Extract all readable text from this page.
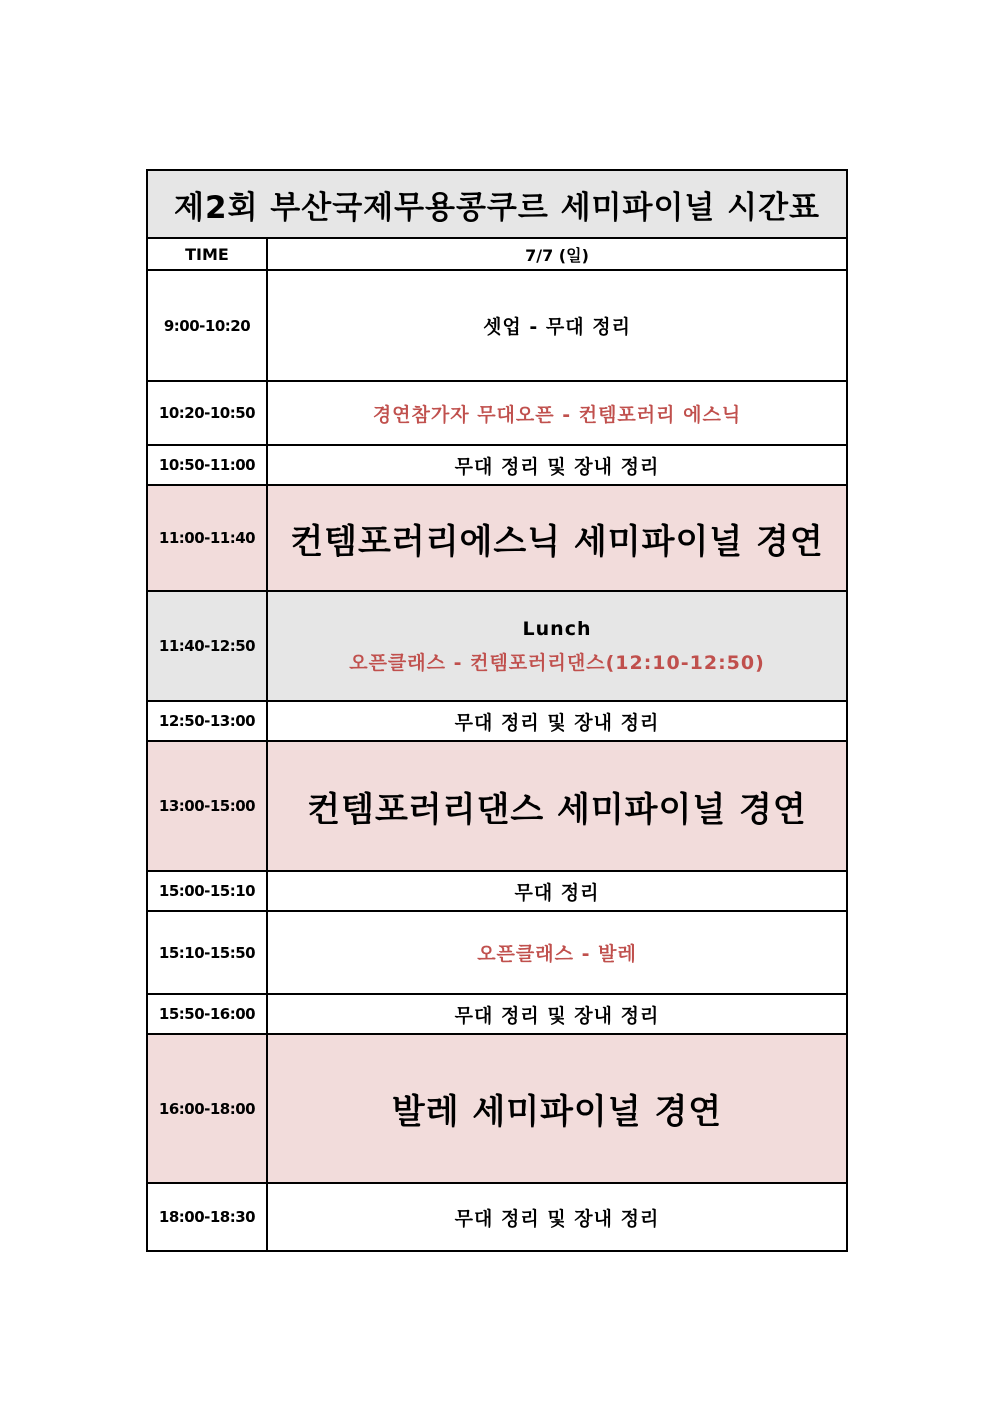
제2회 부산국제무용콩쿠르 세미파이널 시간표	
TIME	7/7 (일)
9:00-10:20	셋업 - 무대 정리
10:20-10:50	경연참가자 무대오픈 - 컨템포러리 에스닉
10:50-11:00	무대 정리 및 장내 정리
11:00-11:40	컨템포러리에스닉 세미파이널 경연
11:40-12:50	Lunch
오픈클래스 - 컨템포러리댄스(12:10-12:50)

12:50-13:00	무대 정리 및 장내 정리
13:00-15:00	컨템포러리댄스 세미파이널 경연
15:00-15:10	무대 정리
15:10-15:50	오픈클래스 - 발레
15:50-16:00	무대 정리 및 장내 정리
16:00-18:00	발레 세미파이널 경연
18:00-18:30	무대 정리 및 장내 정리
